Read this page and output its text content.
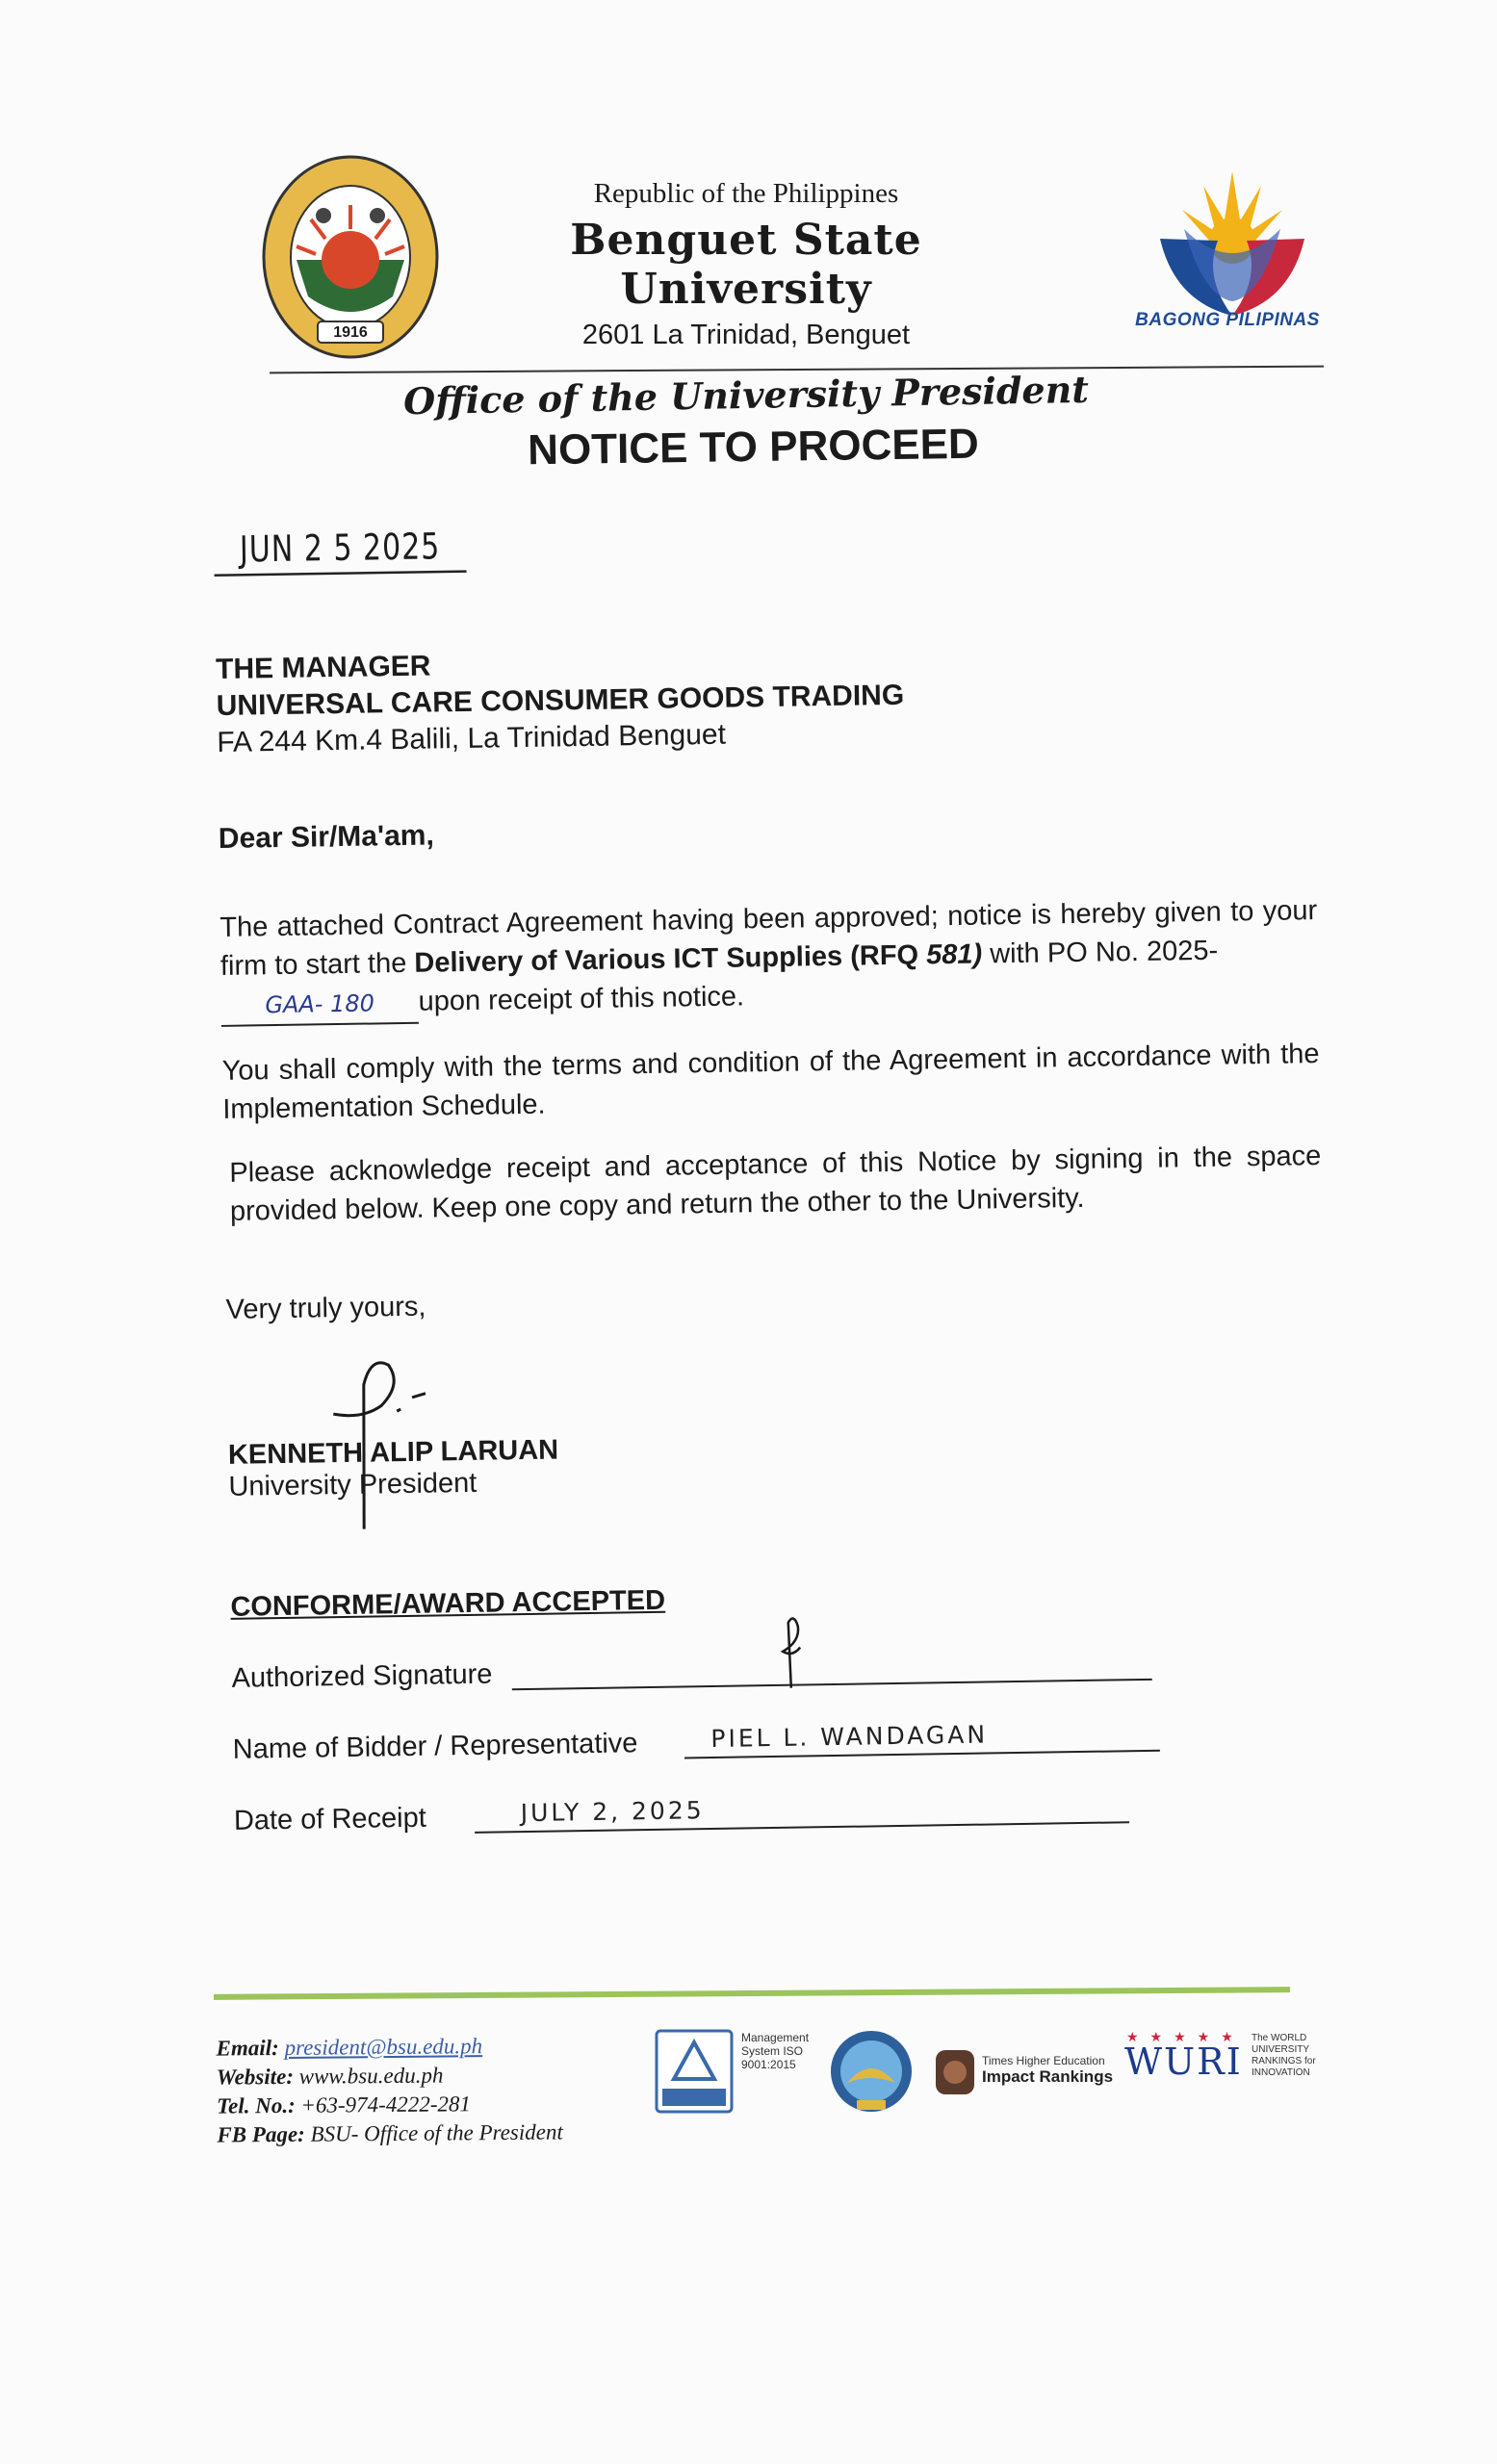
1916
Republic of the Philippines
Benguet State University
2601 La Trinidad, Benguet	BAGONG PILIPINAS
Office of the University President
NOTICE TO PROCEED
JUN 2 5 2025
THE MANAGER
UNIVERSAL CARE CONSUMER GOODS TRADING
FA 244 Km.4 Balili, La Trinidad Benguet
Dear Sir/Ma'am,
The attached Contract Agreement having been approved; notice is hereby given to your firm to start the Delivery of Various ICT Supplies (RFQ 581) with PO No. 2025-
GAA- 180 upon receipt of this notice.
You shall comply with the terms and condition of the Agreement in accordance with the Implementation Schedule.
Please acknowledge receipt and acceptance of this Notice by signing in the space provided below. Keep one copy and return the other to the University.
Very truly yours,
KENNETH ALIP LARUAN
University President
CONFORME/AWARD ACCEPTED
Authorized Signature
Name of Bidder / Representative	PIEL L. WANDAGAN
Date of Receipt	JULY 2, 2025
Email: president@bsu.edu.ph
Website: www.bsu.edu.ph
Tel. No.: +63-974-4222-281
FB Page: BSU- Office of the President
Management System ISO 9001:2015	Times Higher Education
Impact Rankings WURI
★★★★★ The WORLD UNIVERSITY RANKINGS for INNOVATION
